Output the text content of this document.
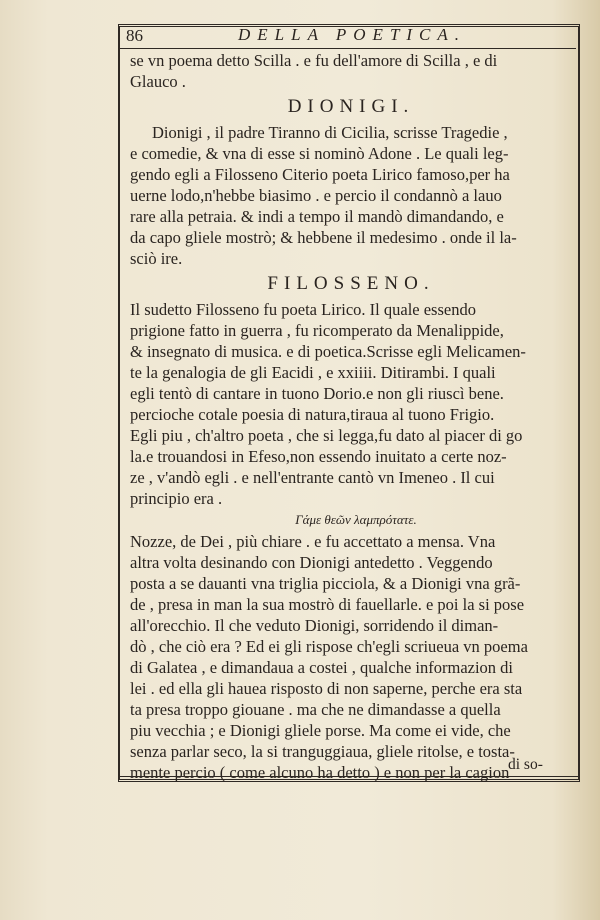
86	DELLA POETICA.
se vn poema detto Scilla . e fu dell'amore di Scilla , e di
Glauco .
DIONIGI.
Dionigi , il padre Tiranno di Cicilia, scrisse Tragedie ,
e comedie, & vna di esse si nominò Adone . Le quali leg-
gendo egli a Filosseno Citerio poeta Lirico famoso,per ha
uerne lodo,n'hebbe biasimo . e percio il condannò a lauo
rare alla petraia. & indi a tempo il mandò dimandando, e
da capo gliele mostrò; & hebbene il medesimo . onde il la-
sciò ire.
FILOSSENO.
Il sudetto Filosseno fu poeta Lirico. Il quale essendo
prigione fatto in guerra , fu ricomperato da Menalippide,
& insegnato di musica. e di poetica.Scrisse egli Melicamen-
te la genalogia de gli Eacidi , e xxiiii. Ditirambi. I quali
egli tentò di cantare in tuono Dorio.e non gli riuscì bene.
percioche cotale poesia di natura,tiraua al tuono Frigio.
Egli piu , ch'altro poeta , che si legga,fu dato al piacer di go
la.e trouandosi in Efeso,non essendo inuitato a certe noz-
ze , v'andò egli . e nell'entrante cantò vn Imeneo . Il cui
principio era .
Γάμε θεῶν λαμπρότατε.
Nozze, de Dei , più chiare . e fu accettato a mensa. Vna
altra volta desinando con Dionigi antedetto . Veggendo
posta a se dauanti vna triglia picciola, & a Dionigi vna grã-
de , presa in man la sua mostrò di fauellarle. e poi la si pose
all'orecchio. Il che veduto Dionigi, sorridendo il diman-
dò , che ciò era ? Ed ei gli rispose ch'egli scriueua vn poema
di Galatea , e dimandaua a costei , qualche informazion di
lei . ed ella gli hauea risposto di non saperne, perche era sta
ta presa troppo giouane . ma che ne dimandasse a quella
piu vecchia ; e Dionigi gliele porse. Ma come ei vide, che
senza parlar seco, la si tranguggiaua, gliele ritolse, e tosta-
mente percio ( come alcuno ha detto ) e non per la cagion
di so-
